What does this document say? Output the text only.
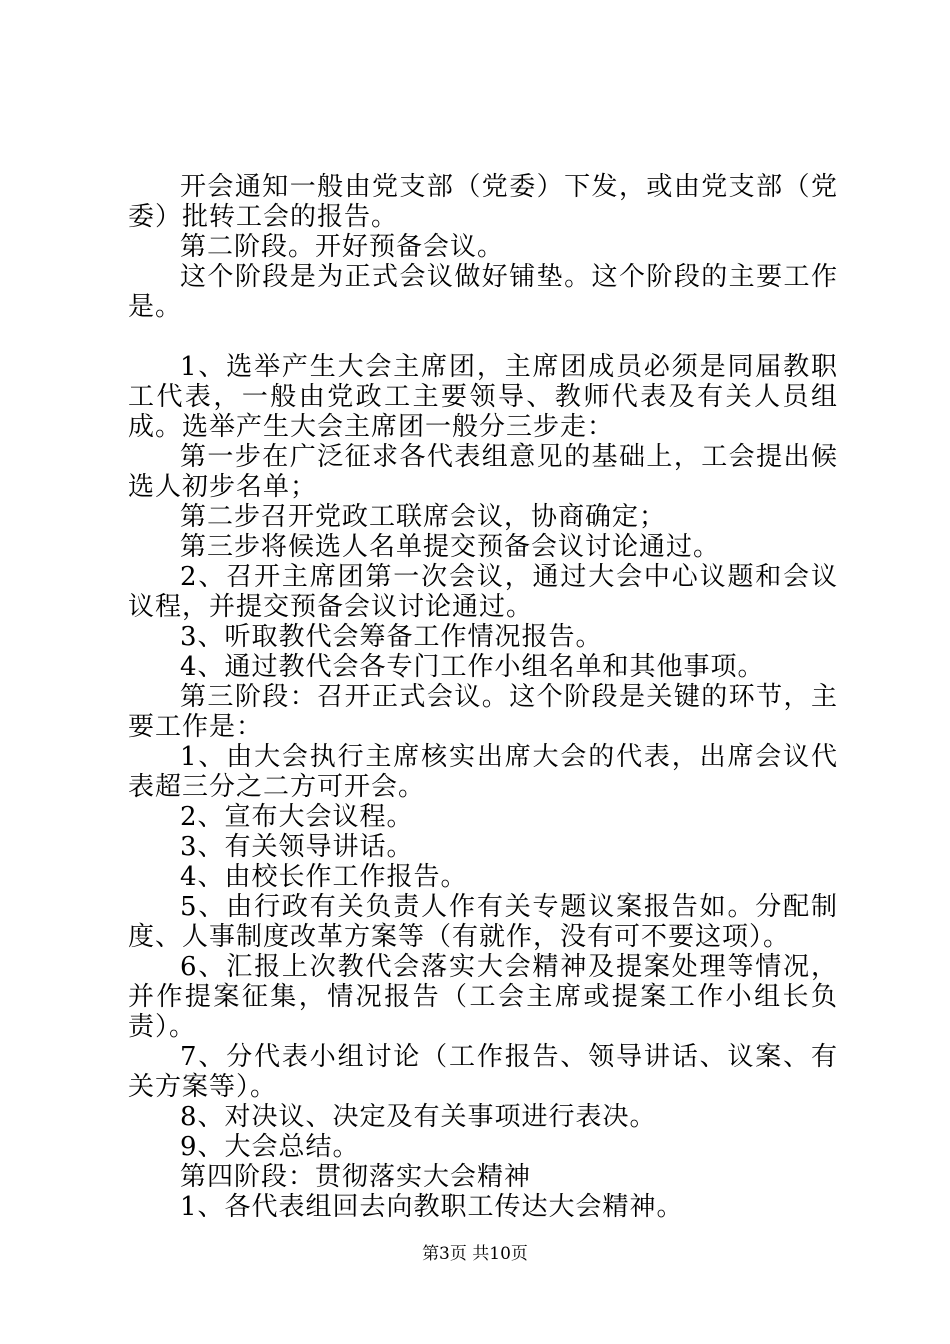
开会通知一般由党支部（党委）下发，或由党支部（党委）批转工会的报告。

第二阶段。开好预备会议。

这个阶段是为正式会议做好铺垫。这个阶段的主要工作是。

1、选举产生大会主席团，主席团成员必须是同届教职工代表，一般由党政工主要领导、教师代表及有关人员组成。选举产生大会主席团一般分三步走：

第一步在广泛征求各代表组意见的基础上，工会提出候选人初步名单；

第二步召开党政工联席会议，协商确定；

第三步将候选人名单提交预备会议讨论通过。

2、召开主席团第一次会议，通过大会中心议题和会议议程，并提交预备会议讨论通过。

3、听取教代会筹备工作情况报告。

4、通过教代会各专门工作小组名单和其他事项。

第三阶段：召开正式会议。这个阶段是关键的环节，主要工作是：

1、由大会执行主席核实出席大会的代表，出席会议代表超三分之二方可开会。

2、宣布大会议程。

3、有关领导讲话。

4、由校长作工作报告。

5、由行政有关负责人作有关专题议案报告如。分配制度、人事制度改革方案等（有就作，没有可不要这项）。

6、汇报上次教代会落实大会精神及提案处理等情况，并作提案征集，情况报告（工会主席或提案工作小组长负责）。

7、分代表小组讨论（工作报告、领导讲话、议案、有关方案等）。

8、对决议、决定及有关事项进行表决。

9、大会总结。

第四阶段：贯彻落实大会精神

1、各代表组回去向教职工传达大会精神。

第3页 共10页
